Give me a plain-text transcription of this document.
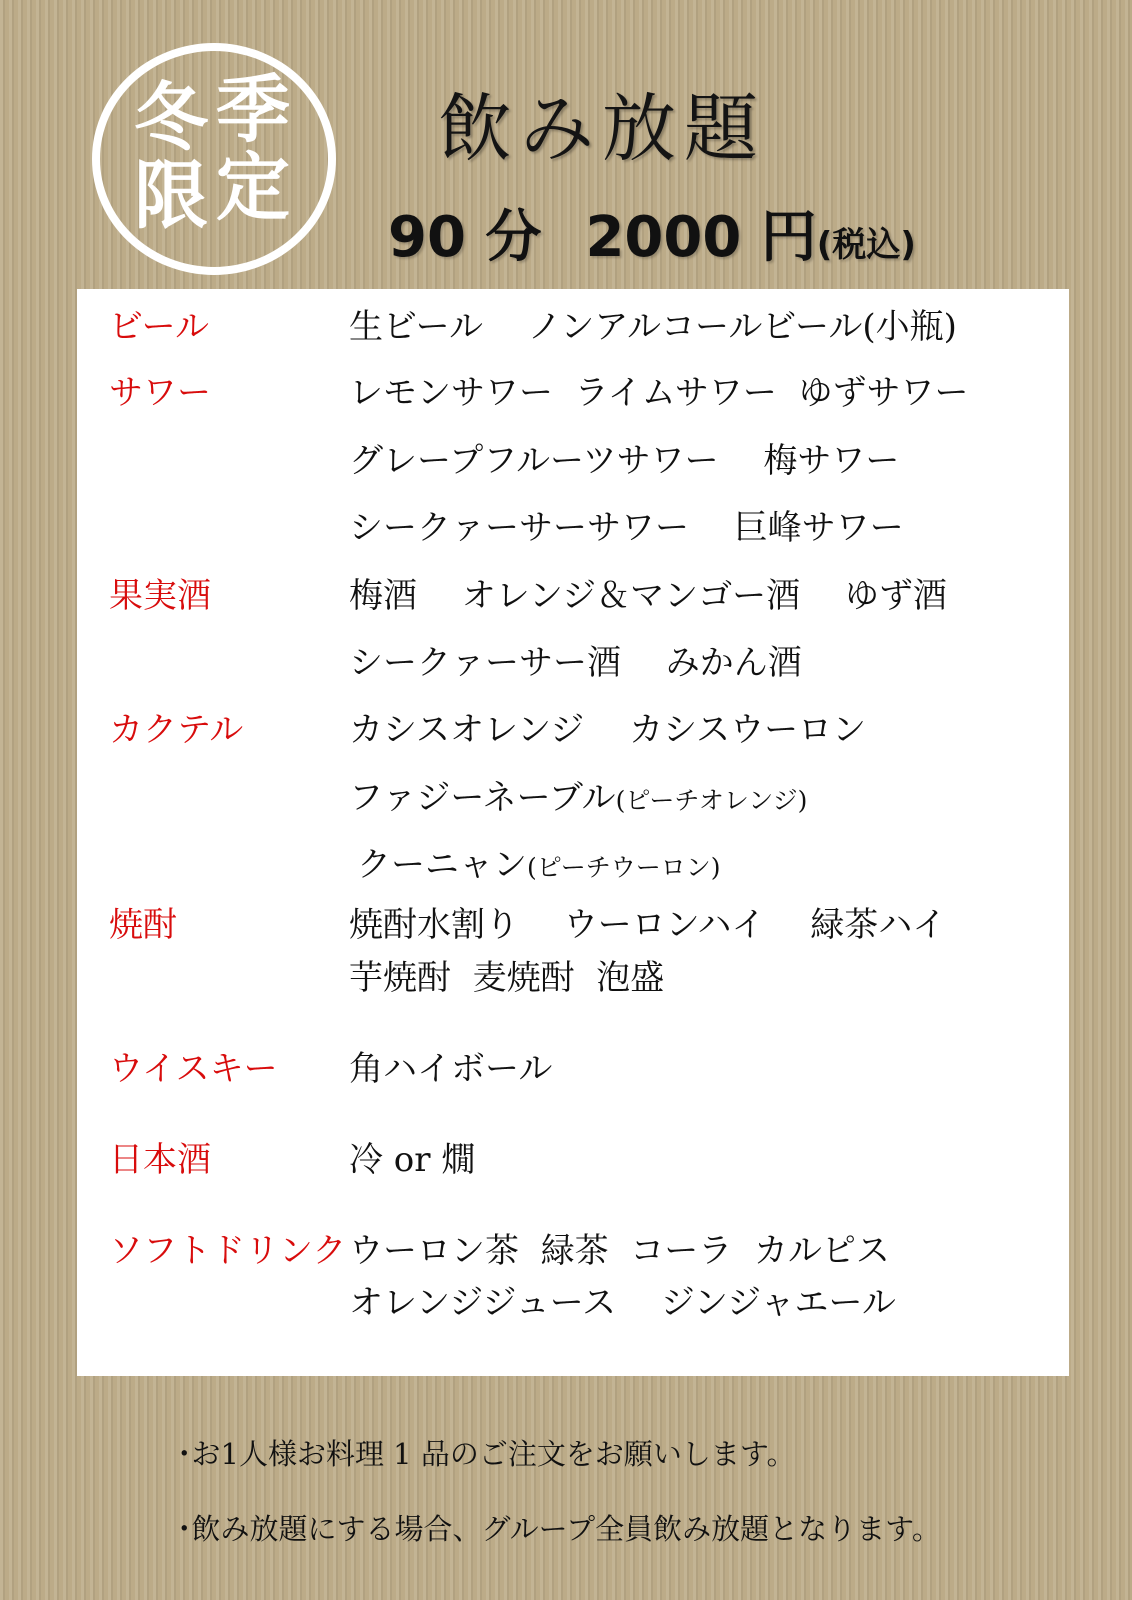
冬 季
限 定
飲み放題
90 分 2000 円(税込)
ビール	生ビール　 ノンアルコールビール(小瓶)
サワー	レモンサワー  ライムサワー  ゆずサワー
グレープフルーツサワー　 梅サワー
シークァーサーサワー　 巨峰サワー
果実酒	梅酒　 オレンジ＆マンゴー酒　 ゆず酒
シークァーサー酒　 みかん酒
カクテル	カシスオレンジ　 カシスウーロン
ファジーネーブル(ピーチオレンジ)
クーニャン(ピーチウーロン)
焼酎	焼酎水割り　 ウーロンハイ　 緑茶ハイ
芋焼酎  麦焼酎  泡盛
ウイスキー 角ハイボール
日本酒	冷 or 燗
ソフトドリンク ウーロン茶  緑茶  コーラ  カルピス
オレンジジュース　 ジンジャエール
･お1人様お料理 1 品のご注文をお願いします。
･飲み放題にする場合、グループ全員飲み放題となります。
